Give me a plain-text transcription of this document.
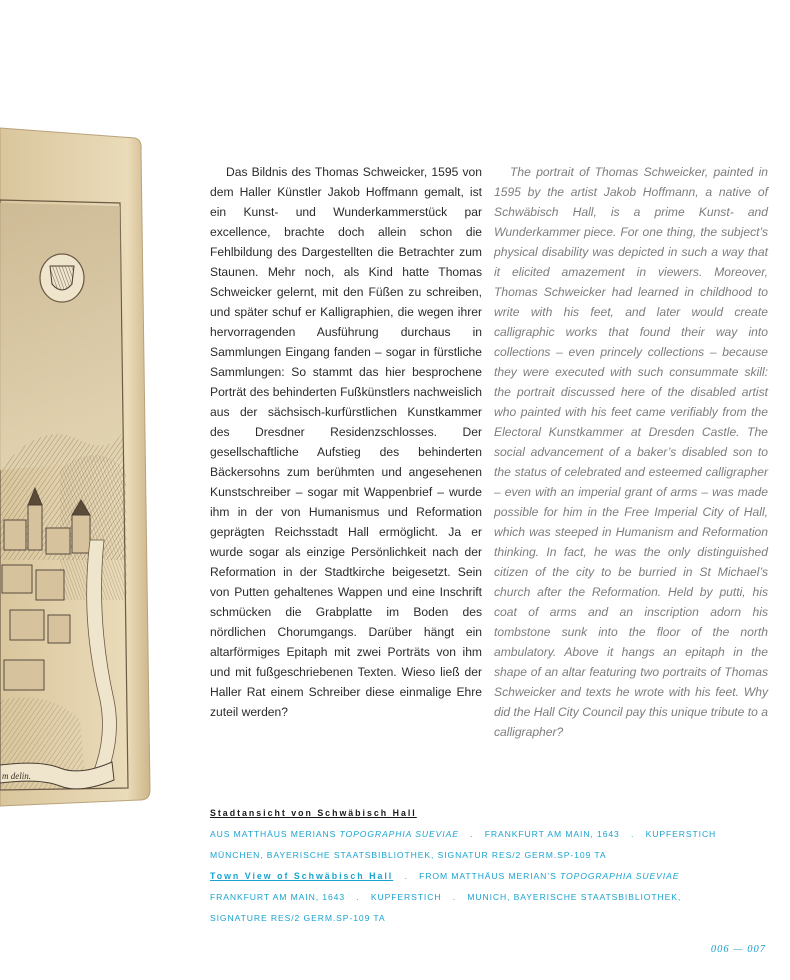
m delin.

Das Bildnis des Thomas Schweicker, 1595 von dem Haller Künstler Jakob Hoffmann gemalt, ist ein Kunst- und Wunderkammerstück par excellence, brachte doch allein schon die Fehlbildung des Dargestellten die Betrachter zum Staunen. Mehr noch, als Kind hatte Thomas Schweicker gelernt, mit den Füßen zu schreiben, und später schuf er Kalligraphien, die wegen ihrer hervorragenden Ausführung durchaus in Sammlungen Eingang fanden – sogar in fürstliche Sammlungen: So stammt das hier besprochene Porträt des behinderten Fußkünstlers nachweislich aus der sächsisch-kurfürstlichen Kunstkammer des Dresdner Residenzschlosses. Der gesellschaftliche Aufstieg des behinderten Bäckersohns zum berühmten und angesehenen Kunstschreiber – sogar mit Wappenbrief – wurde ihm in der von Humanismus und Reformation geprägten Reichsstadt Hall ermöglicht. Ja er wurde sogar als einzige Persönlichkeit nach der Reformation in der Stadtkirche beigesetzt. Sein von Putten gehaltenes Wappen und eine Inschrift schmücken die Grabplatte im Boden des nördlichen Chorumgangs. Darüber hängt ein altarförmiges Epitaph mit zwei Porträts von ihm und mit fußgeschriebenen Texten. Wieso ließ der Haller Rat einem Schreiber diese einmalige Ehre zuteil werden?

The portrait of Thomas Schweicker, painted in 1595 by the artist Jakob Hoffmann, a native of Schwäbisch Hall, is a prime Kunst- and Wunderkammer piece. For one thing, the subject’s physical disability was depicted in such a way that it elicited amazement in viewers. Moreover, Thomas Schweicker had learned in childhood to write with his feet, and later would create calligraphic works that found their way into collections – even princely collections – because they were executed with such consummate skill: the portrait discussed here of the disabled artist who painted with his feet came verifiably from the Electoral Kunstkammer at Dresden Castle. The social advancement of a baker’s disabled son to the status of celebrated and esteemed calligrapher – even with an imperial grant of arms – was made possible for him in the Free Imperial City of Hall, which was steeped in Humanism and Reformation thinking. In fact, he was the only distinguished citizen of the city to be burried in St Michael’s church after the Reformation. Held by putti, his coat of arms and an inscription adorn his tombstone sunk into the floor of the north ambulatory. Above it hangs an epitaph in the shape of an altar featuring two portraits of Thomas Schweicker and texts he wrote with his feet. Why did the Hall City Council pay this unique tribute to a calligrapher?

Stadtansicht von Schwäbisch Hall
AUS MATTHÄUS MERIANS TOPOGRAPHIA SUEVIAE . FRANKFURT AM MAIN, 1643 . KUPFERSTICH
MÜNCHEN, BAYERISCHE STAATSBIBLIOTHEK, SIGNATUR RES/2 GERM.SP-109 TA
Town View of Schwäbisch Hall . FROM MATTHÄUS MERIAN’S TOPOGRAPHIA SUEVIAE
FRANKFURT AM MAIN, 1643 . KUPFERSTICH . MUNICH, BAYERISCHE STAATSBIBLIOTHEK,
SIGNATURE RES/2 GERM.SP-109 TA
006 — 007
